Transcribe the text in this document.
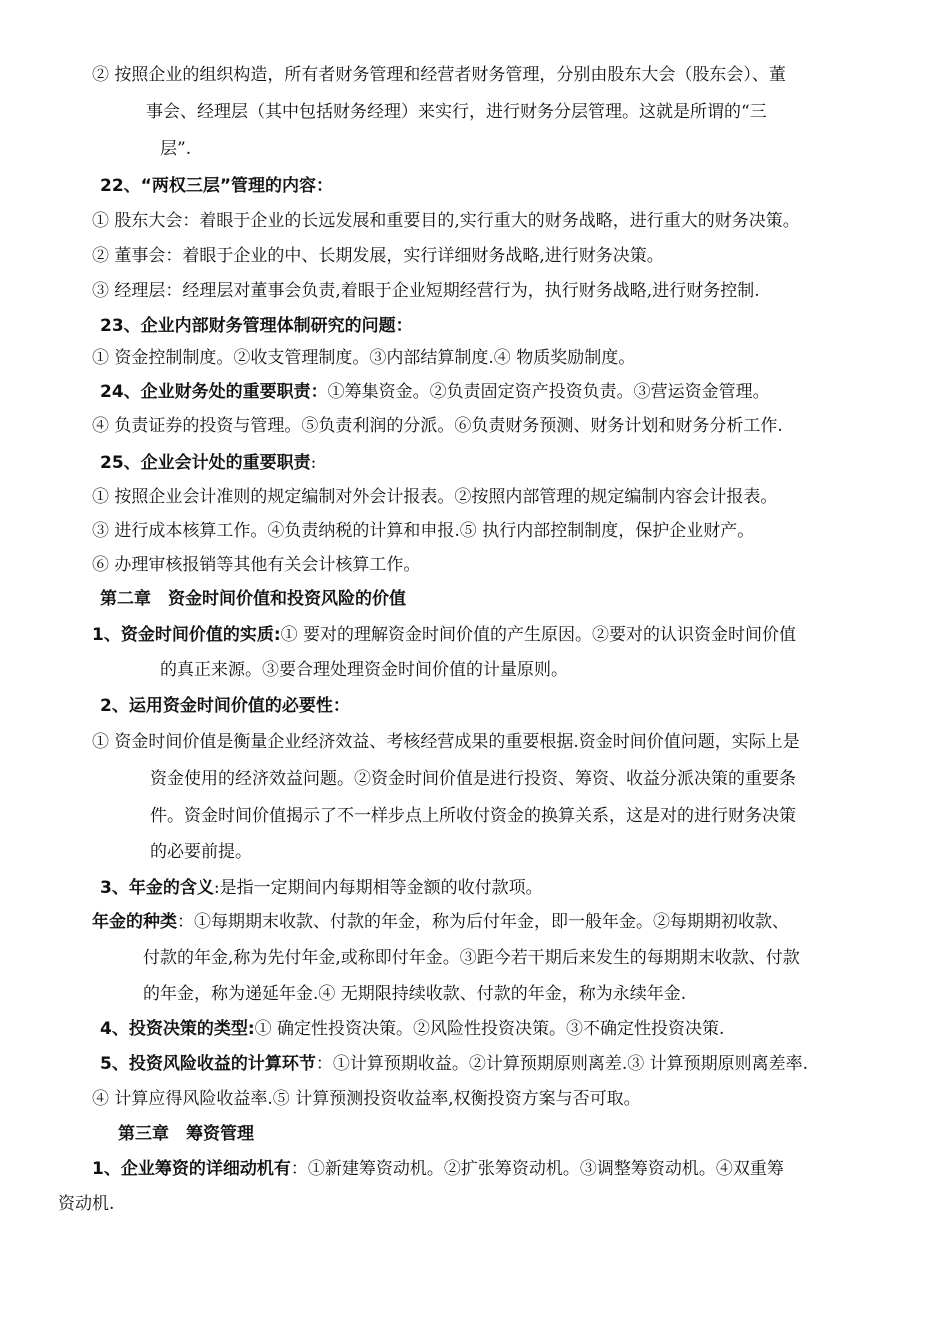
② 按照企业的组织构造，所有者财务管理和经营者财务管理，分别由股东大会（股东会）、董

事会、经理层（其中包括财务经理）来实行，进行财务分层管理。这就是所谓的“三

层”.

22、“两权三层”管理的内容：

① 股东大会：着眼于企业的长远发展和重要目的,实行重大的财务战略，进行重大的财务决策。

② 董事会：着眼于企业的中、长期发展，实行详细财务战略,进行财务决策。

③ 经理层：经理层对董事会负责,着眼于企业短期经营行为，执行财务战略,进行财务控制.

23、企业内部财务管理体制研究的问题：

① 资金控制制度。②收支管理制度。③内部结算制度.④ 物质奖励制度。

24、企业财务处的重要职责：①筹集资金。②负责固定资产投资负责。③营运资金管理。

④ 负责证券的投资与管理。⑤负责利润的分派。⑥负责财务预测、财务计划和财务分析工作.

25、企业会计处的重要职责:

① 按照企业会计准则的规定编制对外会计报表。②按照内部管理的规定编制内容会计报表。

③ 进行成本核算工作。④负责纳税的计算和申报.⑤ 执行内部控制制度，保护企业财产。

⑥ 办理审核报销等其他有关会计核算工作。

第二章　资金时间价值和投资风险的价值

1、资金时间价值的实质:① 要对的理解资金时间价值的产生原因。②要对的认识资金时间价值

的真正来源。③要合理处理资金时间价值的计量原则。

2、运用资金时间价值的必要性：

① 资金时间价值是衡量企业经济效益、考核经营成果的重要根据.资金时间价值问题，实际上是

资金使用的经济效益问题。②资金时间价值是进行投资、筹资、收益分派决策的重要条

件。资金时间价值揭示了不一样步点上所收付资金的换算关系，这是对的进行财务决策

的必要前提。

3、年金的含义:是指一定期间内每期相等金额的收付款项。

年金的种类：①每期期末收款、付款的年金，称为后付年金，即一般年金。②每期期初收款、

付款的年金,称为先付年金,或称即付年金。③距今若干期后来发生的每期期末收款、付款

的年金，称为递延年金.④ 无期限持续收款、付款的年金，称为永续年金.

4、投资决策的类型:① 确定性投资决策。②风险性投资决策。③不确定性投资决策.

5、投资风险收益的计算环节：①计算预期收益。②计算预期原则离差.③ 计算预期原则离差率.

④ 计算应得风险收益率.⑤ 计算预测投资收益率,权衡投资方案与否可取。

第三章　筹资管理

1、企业筹资的详细动机有：①新建筹资动机。②扩张筹资动机。③调整筹资动机。④双重筹

资动机.
